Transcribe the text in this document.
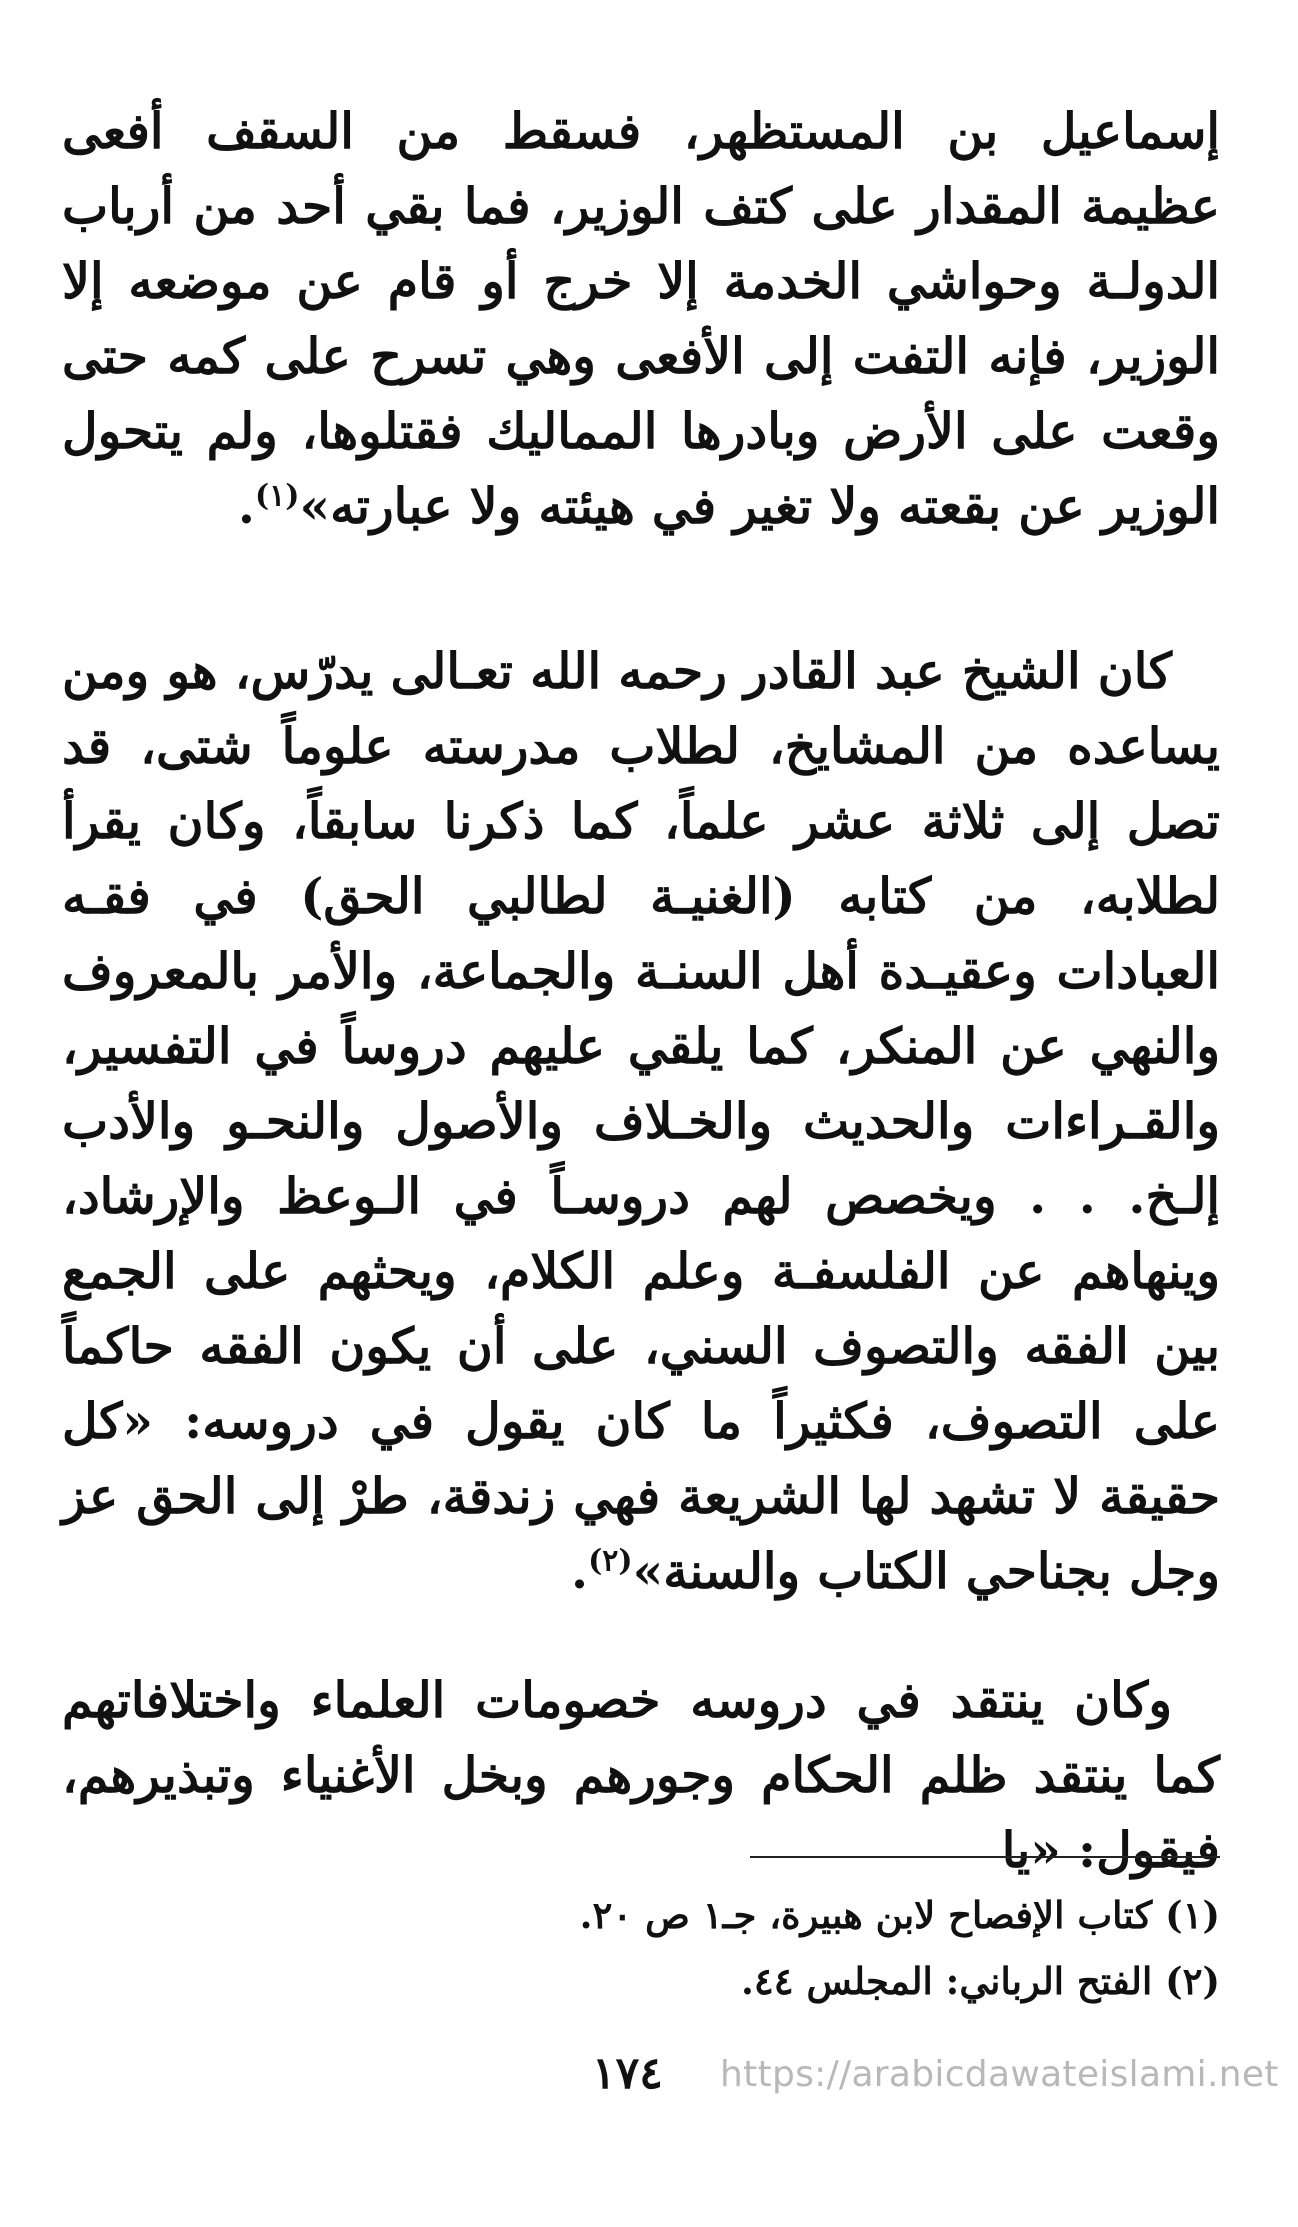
إسماعيل بن المستظهر، فسقط من السقف أفعى عظيمة المقدار على كتف الوزير، فما بقي أحد من أرباب الدولـة وحواشي الخدمة إلا خرج أو قام عن موضعه إلا الوزير، فإنه التفت إلى الأفعى وهي تسرح على كمه حتى وقعت على الأرض وبادرها المماليك فقتلوها، ولم يتحول الوزير عن بقعته ولا تغير في هيئته ولا عبارته»$^{(١)}$.

كان الشيخ عبد القادر رحمه الله تعـالى يدرّس، هو ومن يساعده من المشايخ، لطلاب مدرسته علوماً شتى، قد تصل إلى ثلاثة عشر علماً، كما ذكرنا سابقاً، وكان يقرأ لطلابه، من كتابه (الغنيـة لطالبي الحق) في فقـه العبادات وعقيـدة أهل السنـة والجماعة، والأمر بالمعروف والنهي عن المنكر، كما يلقي عليهم دروساً في التفسير، والقـراءات والحديث والخـلاف والأصول والنحـو والأدب إلـخ. . . ويخصص لهم دروسـاً في الـوعظ والإرشاد، وينهاهم عن الفلسفـة وعلم الكلام، ويحثهم على الجمع بين الفقه والتصوف السني، على أن يكون الفقه حاكماً على التصوف، فكثيراً ما كان يقول في دروسه: «كل حقيقة لا تشهد لها الشريعة فهي زندقة، طرْ إلى الحق عز وجل بجناحي الكتاب والسنة»$^{(٢)}$.

وكان ينتقد في دروسه خصومات العلماء واختلافاتهم كما ينتقد ظلم الحكام وجورهم وبخل الأغنياء وتبذيرهم، فيقول: «يا

(١) كتاب الإفصاح لابن هبيرة، جـ١ ص ٢٠.

(٢) الفتح الرباني: المجلس ٤٤.

١٧٤ https://arabicdawateislami.net
